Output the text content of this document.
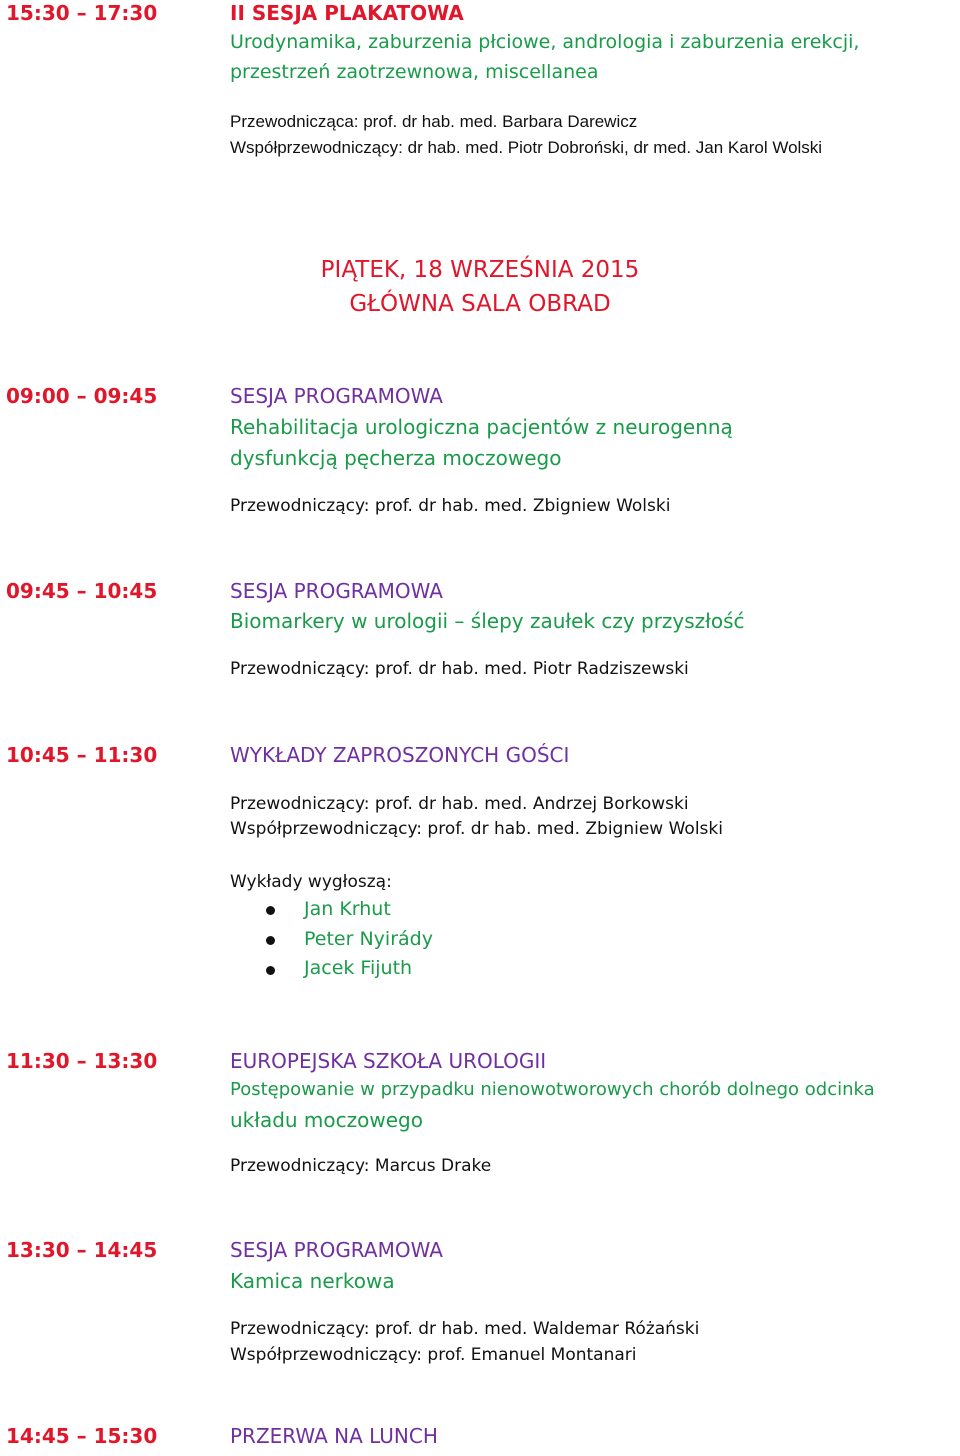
15:30 – 17:30	II SESJA PLAKATOWA
Urodynamika, zaburzenia płciowe, andrologia i zaburzenia erekcji,
przestrzeń zaotrzewnowa, miscellanea
Przewodnicząca: prof. dr hab. med. Barbara Darewicz
Współprzewodniczący: dr hab. med. Piotr Dobroński, dr med. Jan Karol Wolski
PIĄTEK, 18 WRZEŚNIA 2015
GŁÓWNA SALA OBRAD
09:00 – 09:45	SESJA PROGRAMOWA
Rehabilitacja urologiczna pacjentów z neurogenną
dysfunkcją pęcherza moczowego
Przewodniczący: prof. dr hab. med. Zbigniew Wolski
09:45 – 10:45	SESJA PROGRAMOWA
Biomarkery w urologii – ślepy zaułek czy przyszłość
Przewodniczący: prof. dr hab. med. Piotr Radziszewski
10:45 – 11:30	WYKŁADY ZAPROSZONYCH GOŚCI
Przewodniczący: prof. dr hab. med. Andrzej Borkowski
Współprzewodniczący: prof. dr hab. med. Zbigniew Wolski
Wykłady wygłoszą:
Jan Krhut
Peter Nyirády
Jacek Fijuth
11:30 – 13:30	EUROPEJSKA SZKOŁA UROLOGII
Postępowanie w przypadku nienowotworowych chorób dolnego odcinka
układu moczowego
Przewodniczący: Marcus Drake
13:30 – 14:45	SESJA PROGRAMOWA
Kamica nerkowa
Przewodniczący: prof. dr hab. med. Waldemar Różański
Współprzewodniczący: prof. Emanuel Montanari
14:45 – 15:30	PRZERWA NA LUNCH
